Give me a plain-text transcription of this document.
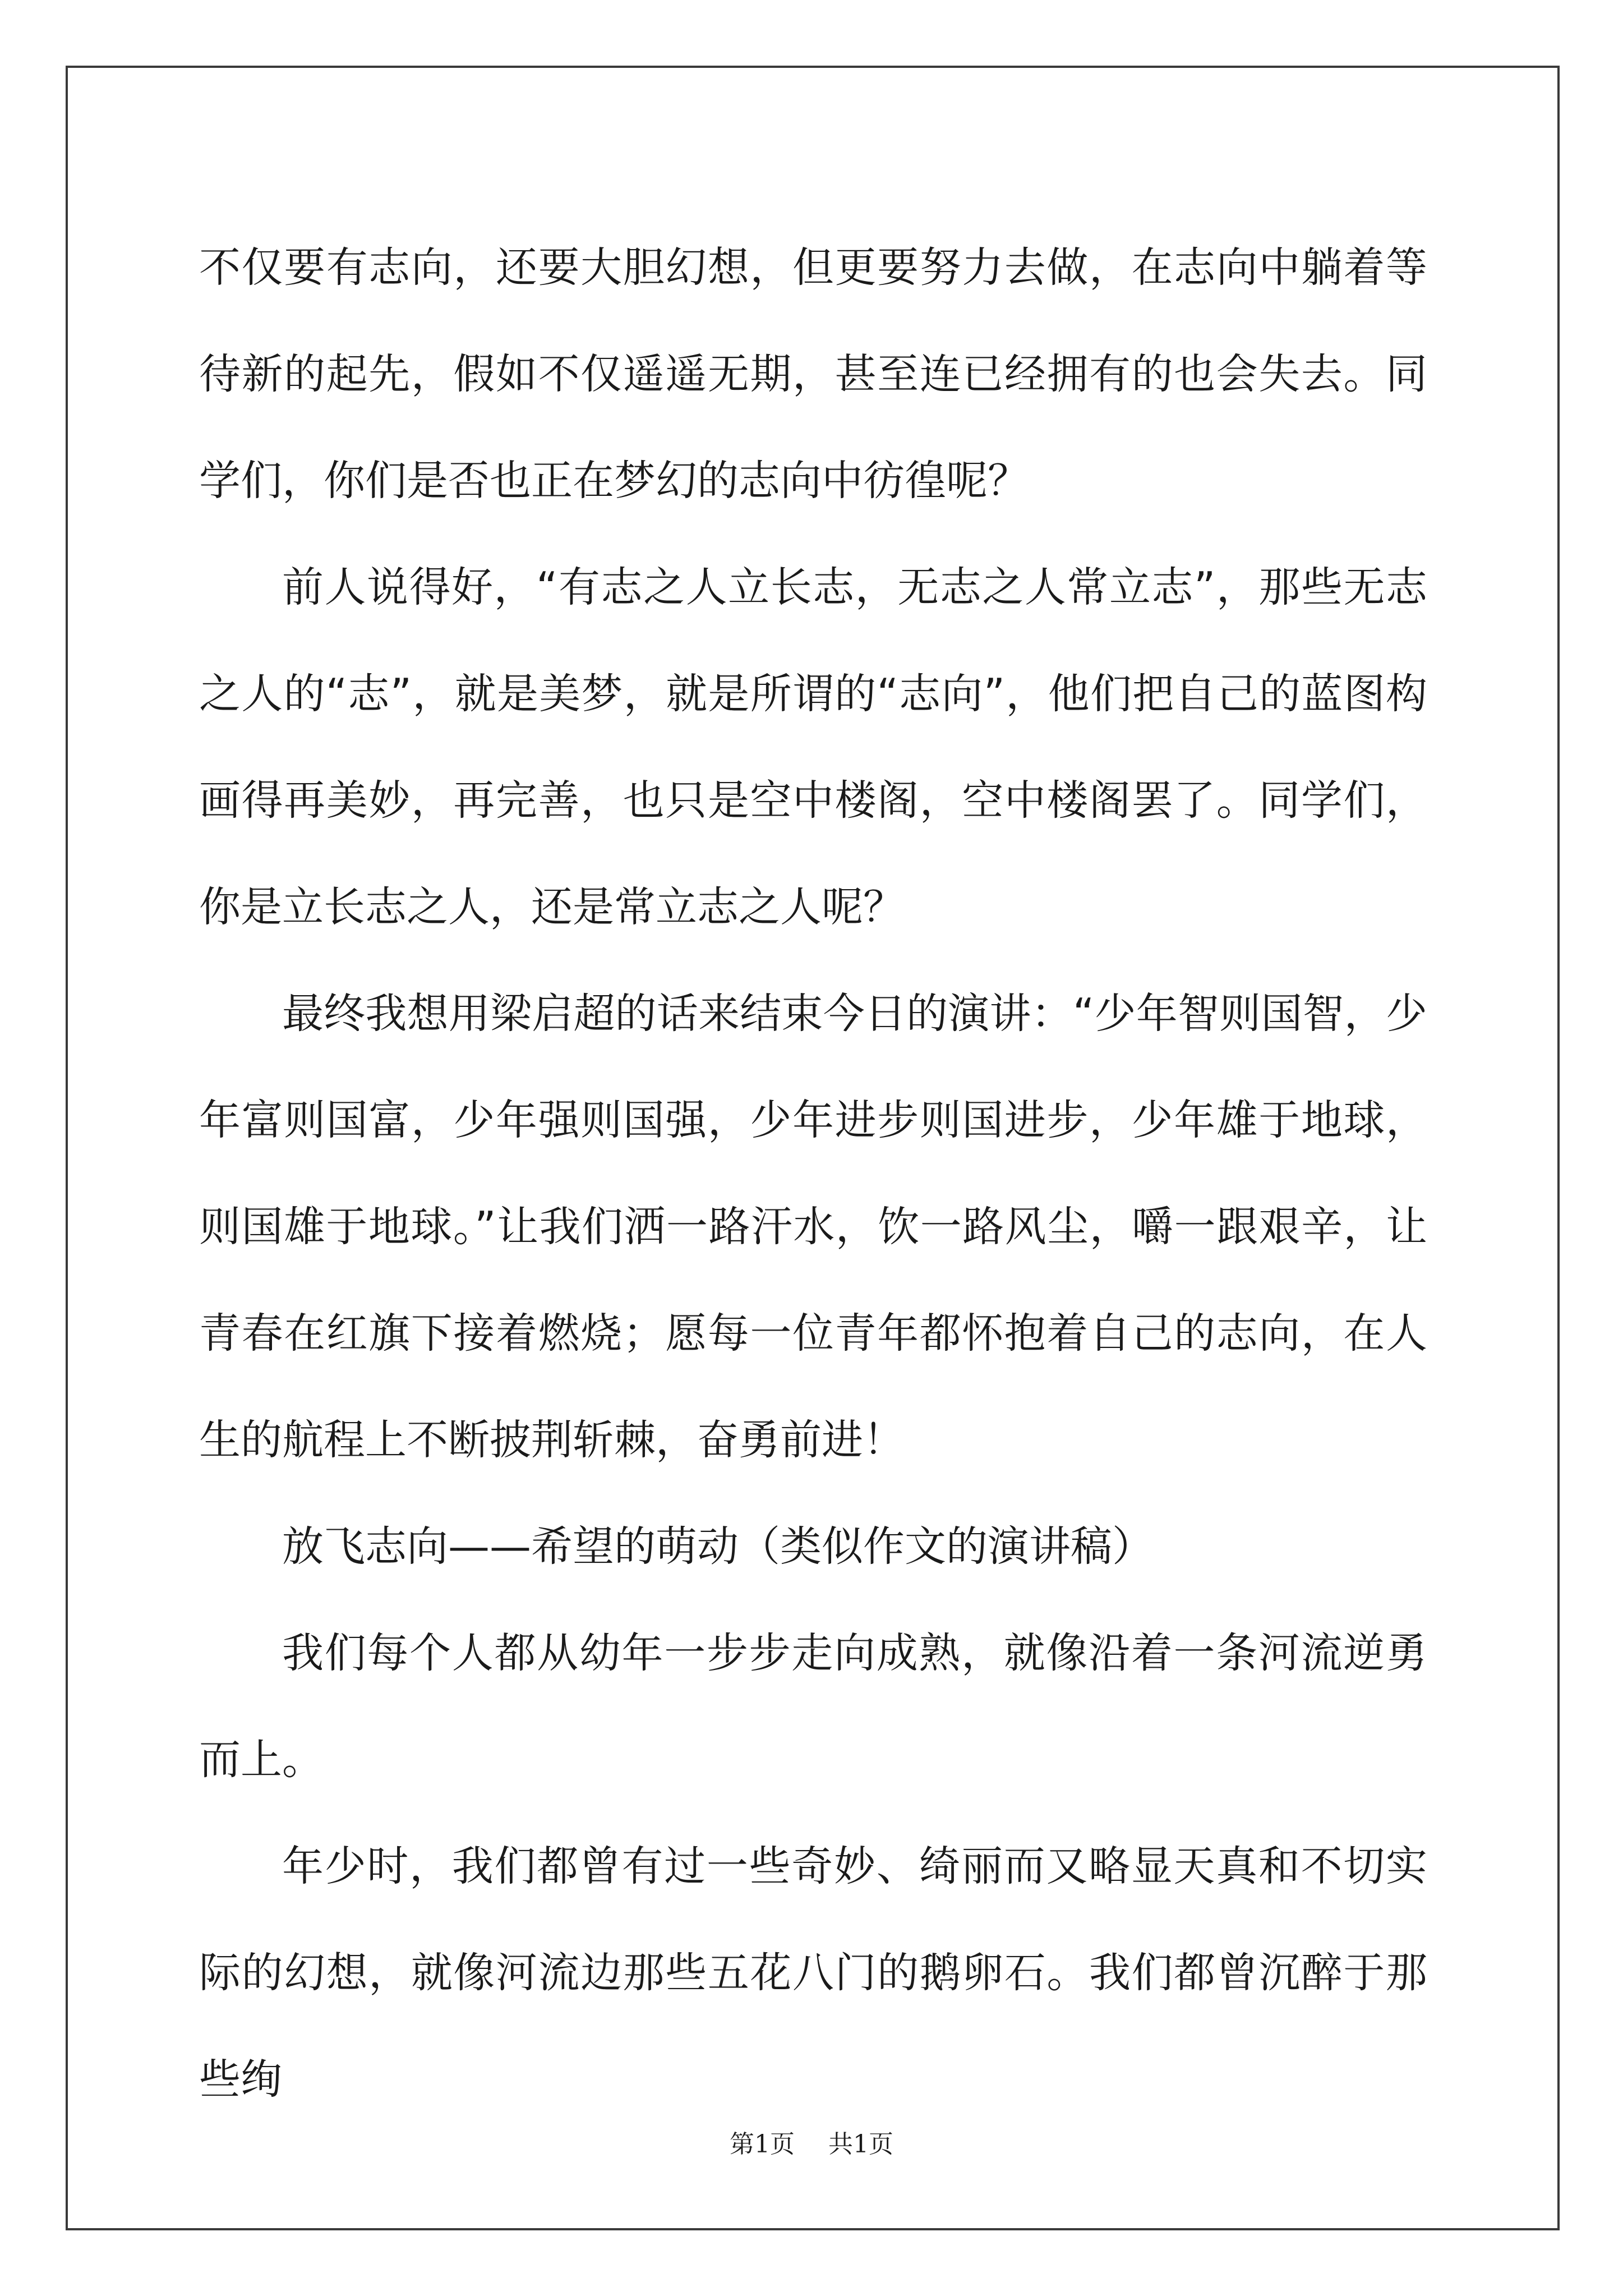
不仅要有志向，还要大胆幻想，但更要努力去做，在志向中躺着等待新的起先，假如不仅遥遥无期，甚至连已经拥有的也会失去。同学们，你们是否也正在梦幻的志向中彷徨呢？

前人说得好，“有志之人立长志，无志之人常立志”，那些无志之人的“志”，就是美梦，就是所谓的“志向”，他们把自己的蓝图构画得再美妙，再完善，也只是空中楼阁，空中楼阁罢了。同学们，你是立长志之人，还是常立志之人呢？

最终我想用梁启超的话来结束今日的演讲：“少年智则国智，少年富则国富，少年强则国强，少年进步则国进步，少年雄于地球，则国雄于地球。”让我们洒一路汗水，饮一路风尘，嚼一跟艰辛，让青春在红旗下接着燃烧；愿每一位青年都怀抱着自己的志向，在人生的航程上不断披荆斩棘，奋勇前进！

放飞志向——希望的萌动（类似作文的演讲稿）

我们每个人都从幼年一步步走向成熟，就像沿着一条河流逆勇而上。

年少时，我们都曾有过一些奇妙、绮丽而又略显天真和不切实际的幻想，就像河流边那些五花八门的鹅卵石。我们都曾沉醉于那些绚

第1页 共1页
